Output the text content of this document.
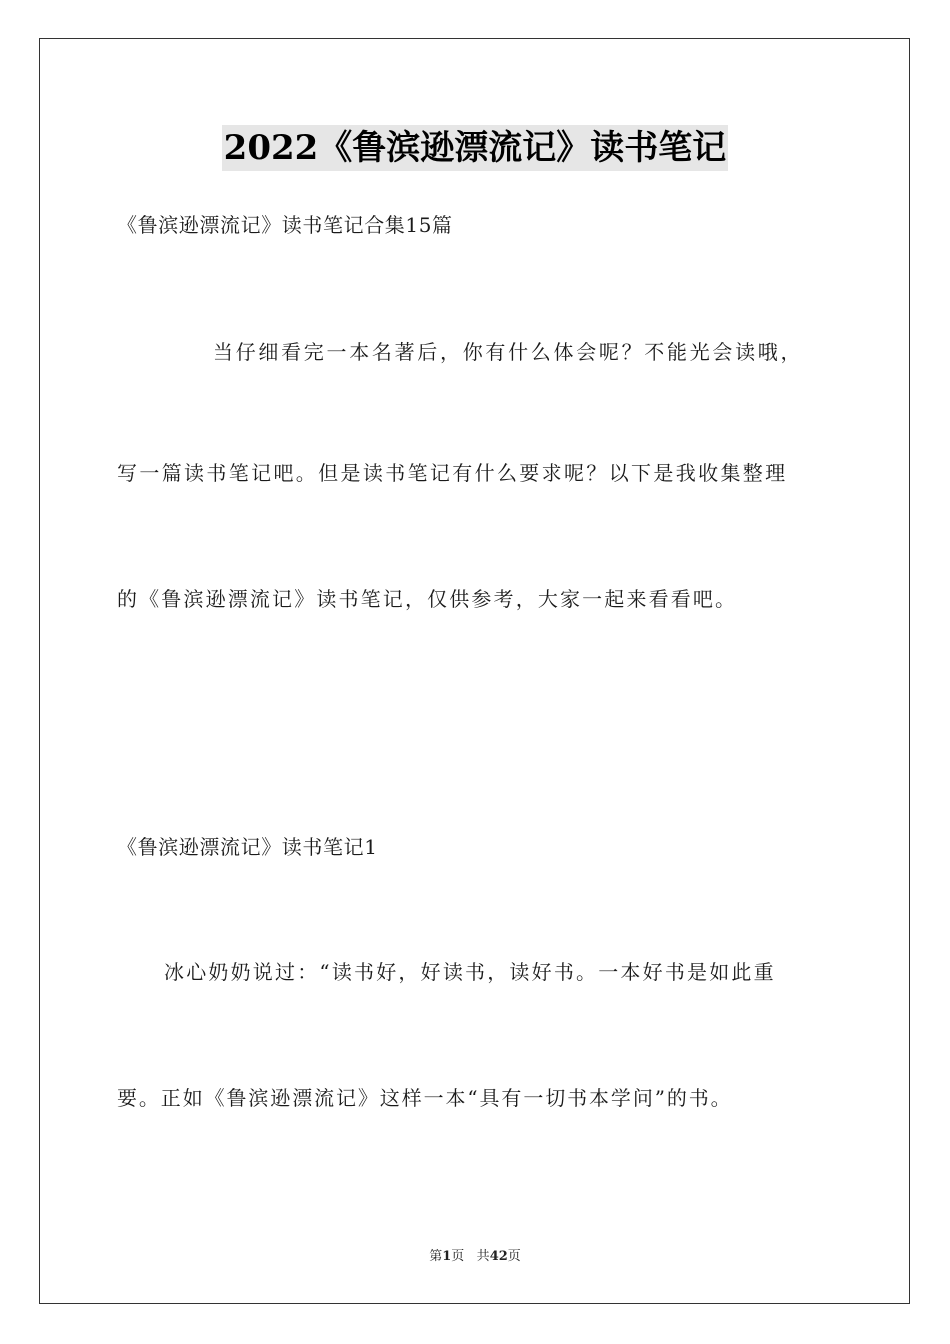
2022《鲁滨逊漂流记》读书笔记
《鲁滨逊漂流记》读书笔记合集15篇
当仔细看完一本名著后，你有什么体会呢？不能光会读哦，
写一篇读书笔记吧。但是读书笔记有什么要求呢？以下是我收集整理
的《鲁滨逊漂流记》读书笔记，仅供参考，大家一起来看看吧。
《鲁滨逊漂流记》读书笔记1
冰心奶奶说过：“读书好，好读书，读好书。一本好书是如此重
要。正如《鲁滨逊漂流记》这样一本“具有一切书本学问”的书。
第1页 共42页
